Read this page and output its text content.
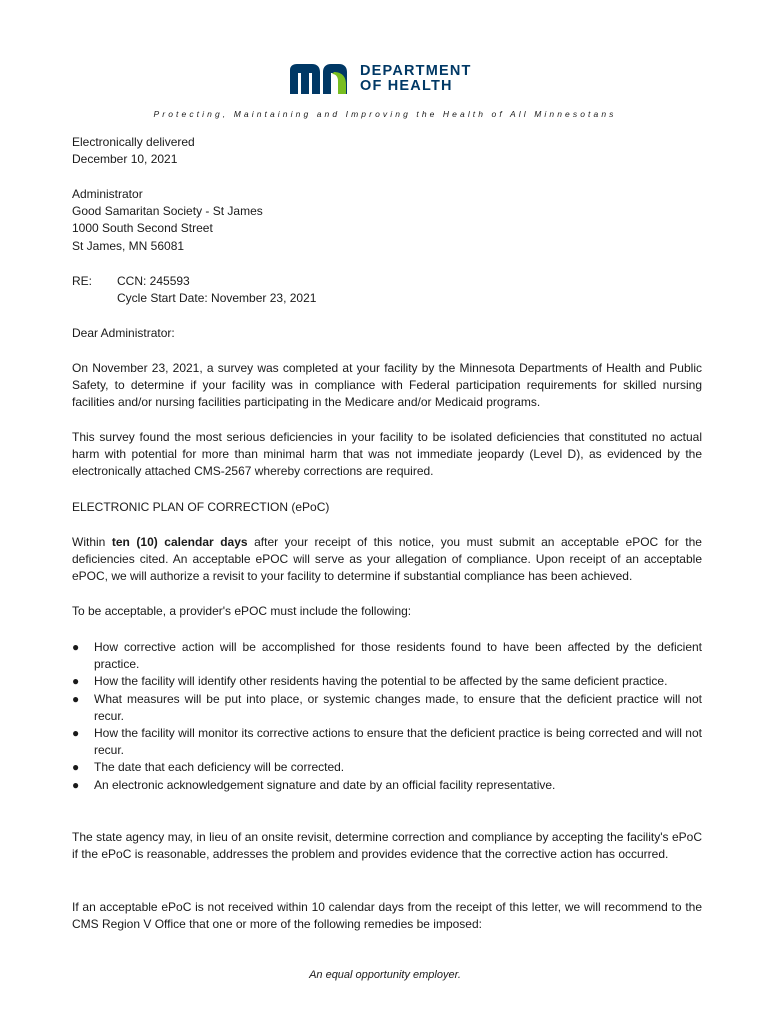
DEPARTMENT
OF HEALTH
Protecting, Maintaining and Improving the Health of All Minnesotans
Electronically delivered
December 10, 2021
Administrator
Good Samaritan Society - St James
1000 South Second Street
St James, MN 56081
RE: CCN: 245593
Cycle Start Date: November 23, 2021
Dear Administrator:
On November 23, 2021, a survey was completed at your facility by the Minnesota Departments of Health and Public Safety, to determine if your facility was in compliance with Federal participation requirements for skilled nursing facilities and/or nursing facilities participating in the Medicare and/or Medicaid programs.
This survey found the most serious deficiencies in your facility to be isolated deficiencies that constituted no actual harm with potential for more than minimal harm that was not immediate jeopardy (Level D), as evidenced by the electronically attached CMS-2567 whereby corrections are required.
ELECTRONIC PLAN OF CORRECTION (ePoC)
Within ten (10) calendar days after your receipt of this notice, you must submit an acceptable ePOC for the deficiencies cited. An acceptable ePOC will serve as your allegation of compliance. Upon receipt of an acceptable ePOC, we will authorize a revisit to your facility to determine if substantial compliance has been achieved.
To be acceptable, a provider's ePOC must include the following:
● How corrective action will be accomplished for those residents found to have been affected by the deficient practice.
● How the facility will identify other residents having the potential to be affected by the same deficient practice.
● What measures will be put into place, or systemic changes made, to ensure that the deficient practice will not recur.
● How the facility will monitor its corrective actions to ensure that the deficient practice is being corrected and will not recur.
● The date that each deficiency will be corrected.
● An electronic acknowledgement signature and date by an official facility representative.
The state agency may, in lieu of an onsite revisit, determine correction and compliance by accepting the facility's ePoC if the ePoC is reasonable, addresses the problem and provides evidence that the corrective action has occurred.
If an acceptable ePoC is not received within 10 calendar days from the receipt of this letter, we will recommend to the CMS Region V Office that one or more of the following remedies be imposed:
An equal opportunity employer.
